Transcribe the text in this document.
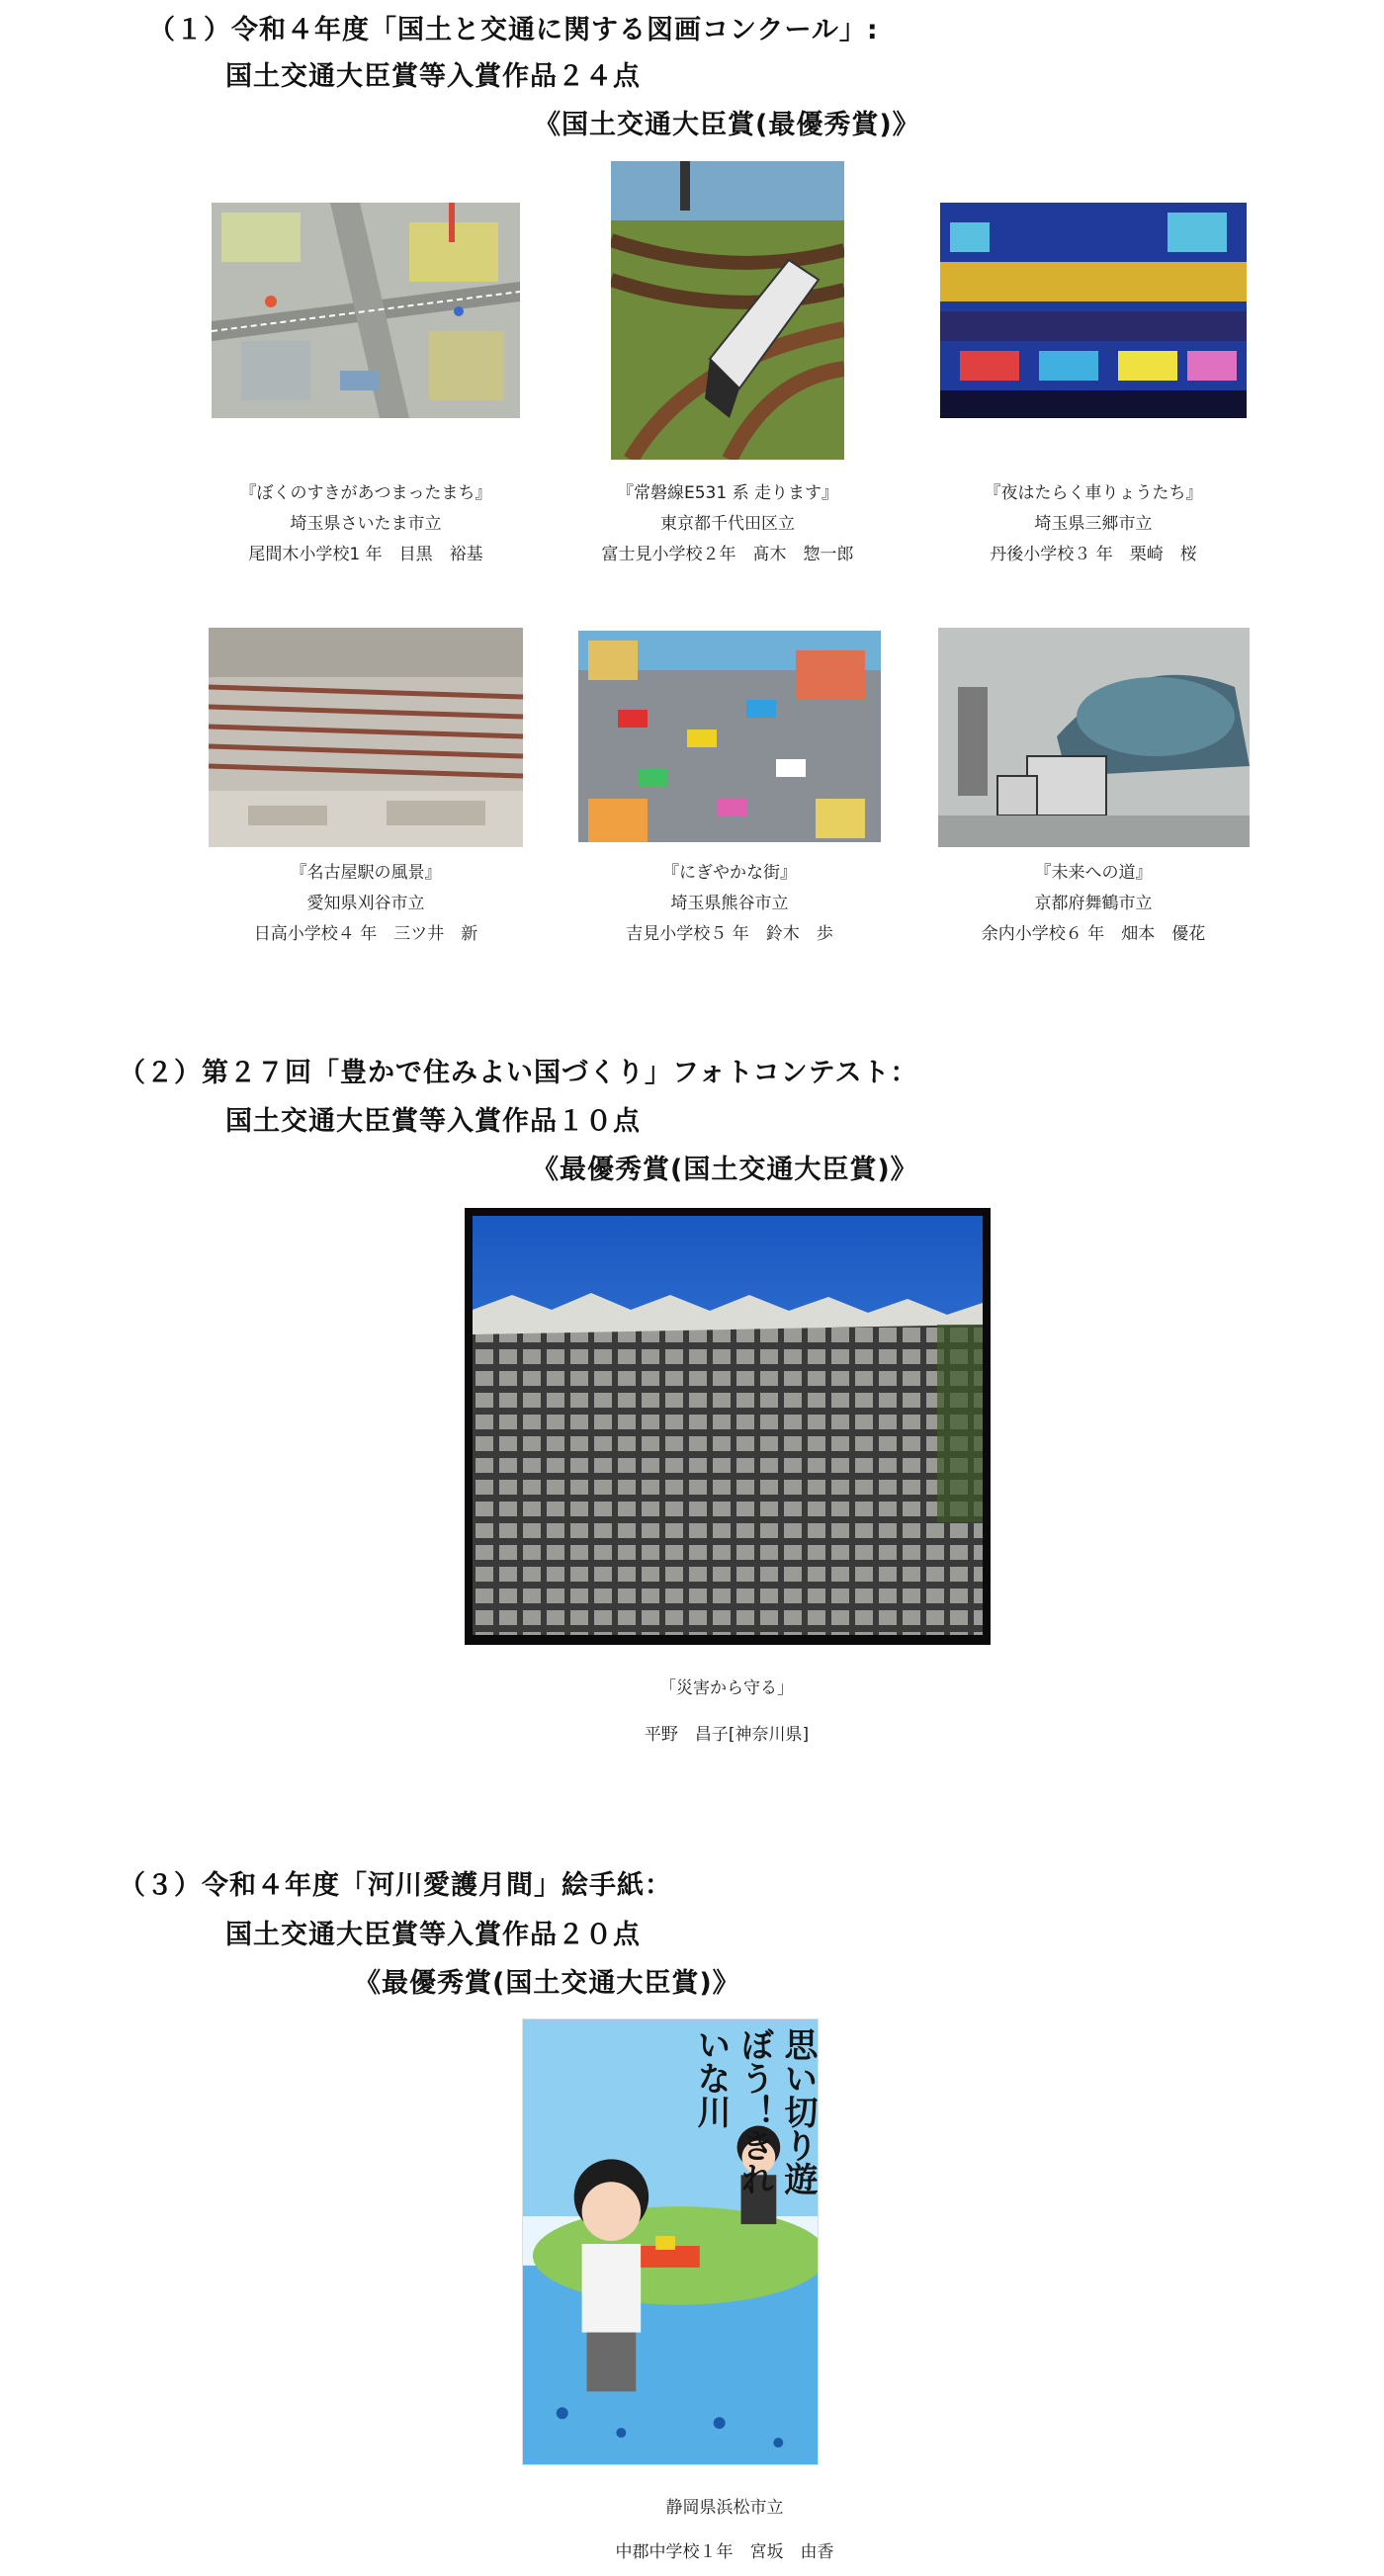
（１）令和４年度「国土と交通に関する図画コンクール」:
国土交通大臣賞等入賞作品２４点
《国土交通大臣賞(最優秀賞)》
『ぼくのすきがあつまったまち』
埼玉県さいたま市立
尾間木小学校1 年　目黒　裕基
『常磐線E531 系 走ります』
東京都千代田区立
富士見小学校２年　髙木　惣一郎
『夜はたらく車りょうたち』
埼玉県三郷市立
丹後小学校３ 年　栗崎　桜
『名古屋駅の風景』
愛知県刈谷市立
日高小学校４ 年　三ツ井　新
『にぎやかな街』
埼玉県熊谷市立
吉見小学校５ 年　鈴木　歩
『未来への道』
京都府舞鶴市立
余内小学校６ 年　畑本　優花
（２）第２７回「豊かで住みよい国づくり」フォトコンテスト：
国土交通大臣賞等入賞作品１０点
《最優秀賞(国土交通大臣賞)》
「災害から守る」
平野　昌子[神奈川県]
（３）令和４年度「河川愛護月間」絵手紙：
国土交通大臣賞等入賞作品２０点
《最優秀賞(国土交通大臣賞)》
思い切り遊ぼう！きれいな川
静岡県浜松市立
中郡中学校１年　宮坂　由香
